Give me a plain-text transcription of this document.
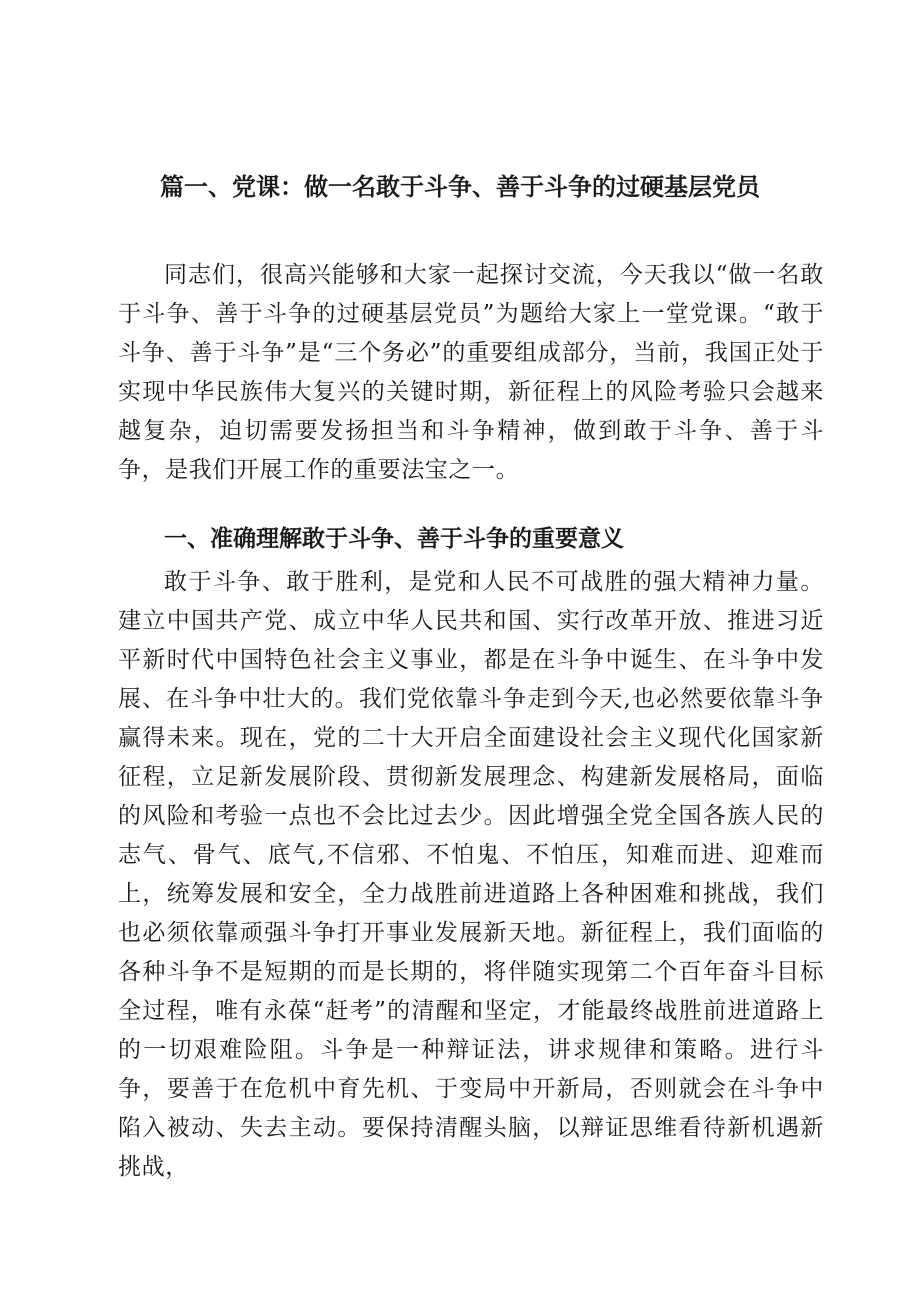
篇一、党课：做一名敢于斗争、善于斗争的过硬基层党员

同志们，很高兴能够和大家一起探讨交流，今天我以“做一名敢于斗争、善于斗争的过硬基层党员”为题给大家上一堂党课。“敢于斗争、善于斗争”是“三个务必”的重要组成部分，当前，我国正处于实现中华民族伟大复兴的关键时期，新征程上的风险考验只会越来越复杂，迫切需要发扬担当和斗争精神，做到敢于斗争、善于斗争，是我们开展工作的重要法宝之一。

一、准确理解敢于斗争、善于斗争的重要意义

敢于斗争、敢于胜利，是党和人民不可战胜的强大精神力量。建立中国共产党、成立中华人民共和国、实行改革开放、推进习近平新时代中国特色社会主义事业，都是在斗争中诞生、在斗争中发展、在斗争中壮大的。我们党依靠斗争走到今天,也必然要依靠斗争赢得未来。现在，党的二十大开启全面建设社会主义现代化国家新征程，立足新发展阶段、贯彻新发展理念、构建新发展格局，面临的风险和考验一点也不会比过去少。因此增强全党全国各族人民的志气、骨气、底气,不信邪、不怕鬼、不怕压，知难而进、迎难而上，统筹发展和安全，全力战胜前进道路上各种困难和挑战，我们也必须依靠顽强斗争打开事业发展新天地。新征程上，我们面临的各种斗争不是短期的而是长期的，将伴随实现第二个百年奋斗目标全过程，唯有永葆“赶考”的清醒和坚定，才能最终战胜前进道路上的一切艰难险阻。斗争是一种辩证法，讲求规律和策略。进行斗争，要善于在危机中育先机、于变局中开新局，否则就会在斗争中陷入被动、失去主动。要保持清醒头脑，以辩证思维看待新机遇新挑战，
